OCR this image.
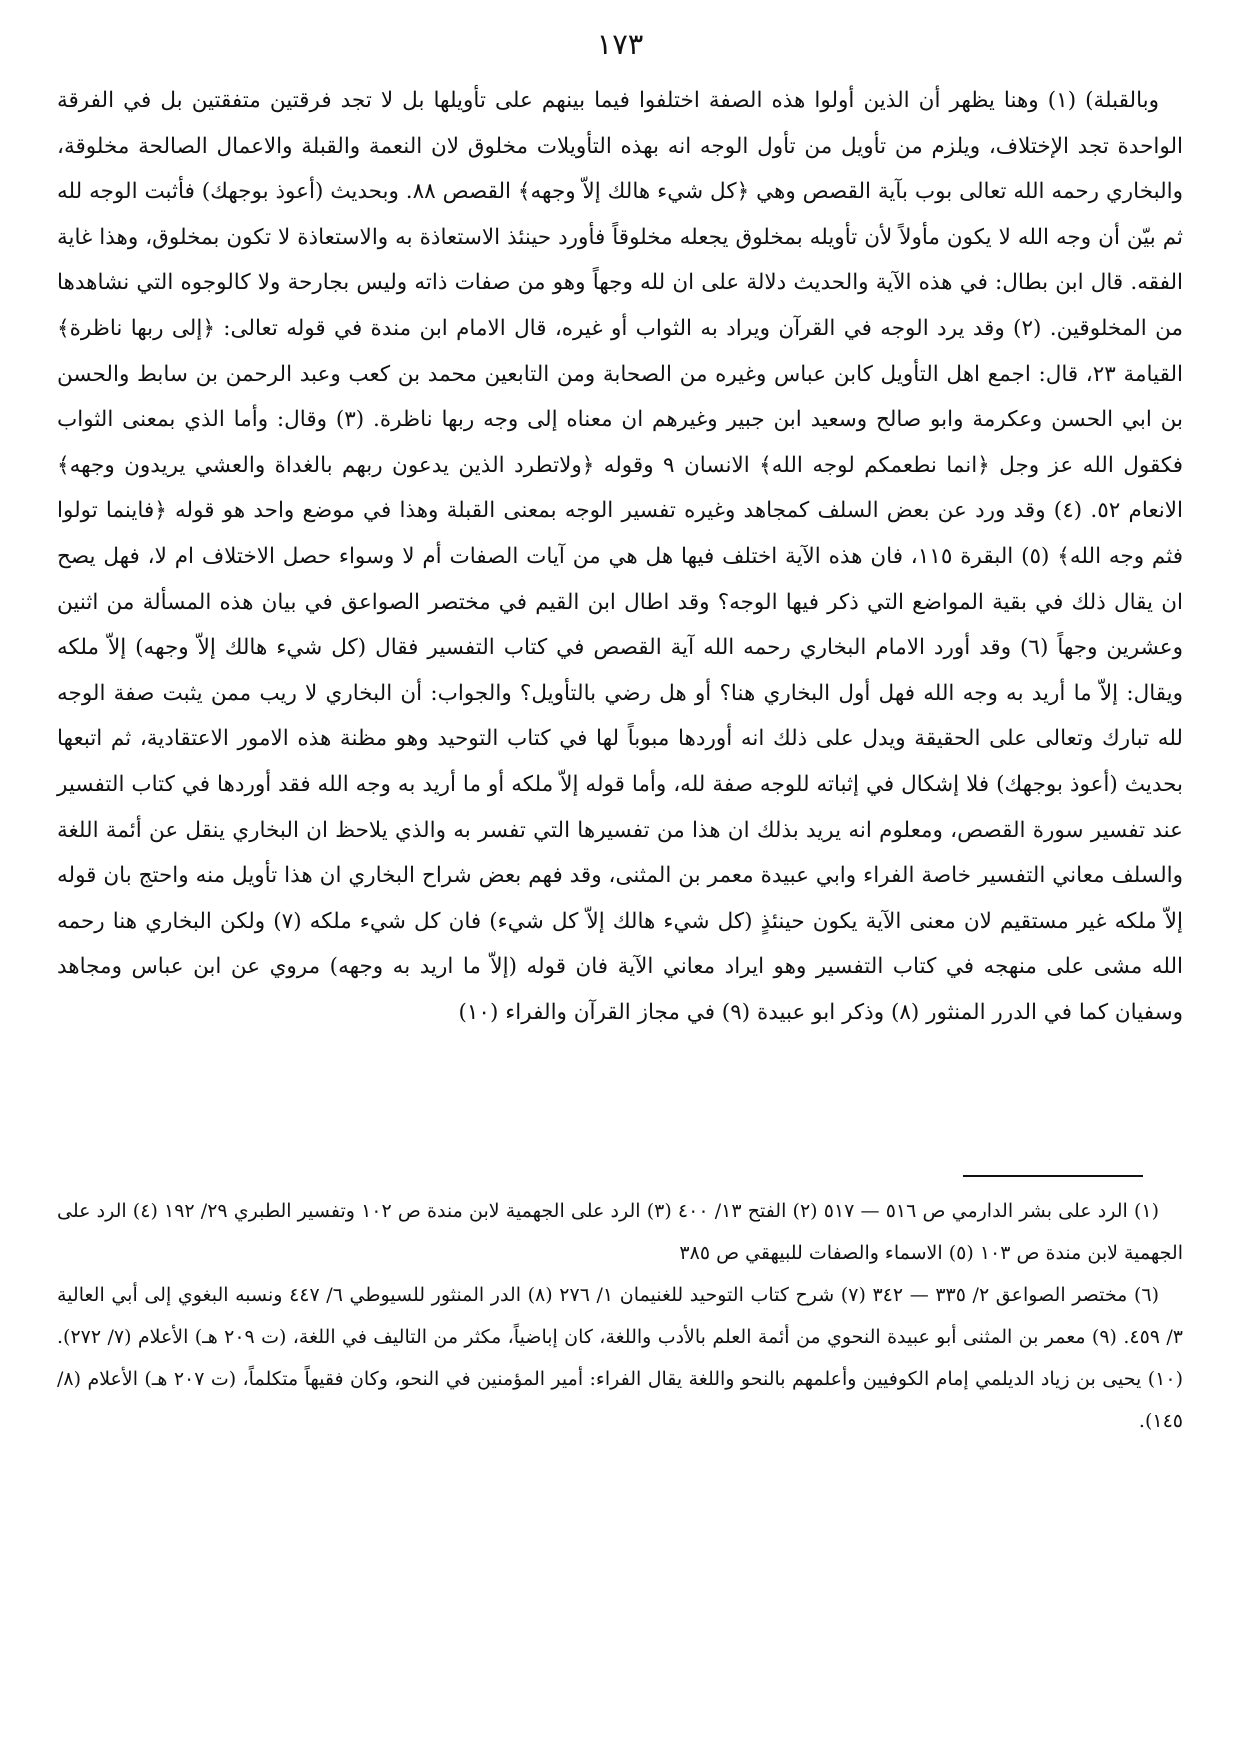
١٧٣

وبالقبلة) (١) وهنا يظهر أن الذين أولوا هذه الصفة اختلفوا فيما بينهم على تأويلها بل لا تجد فرقتين متفقتين بل في الفرقة الواحدة تجد الإختلاف، ويلزم من تأويل من تأول الوجه انه بهذه التأويلات مخلوق لان النعمة والقبلة والاعمال الصالحة مخلوقة، والبخاري رحمه الله تعالى بوب بآية القصص وهي ﴿كل شيء هالك إلاّ وجهه﴾ القصص ٨٨. وبحديث (أعوذ بوجهك) فأثبت الوجه لله ثم بيّن أن وجه الله لا يكون مأولاً لأن تأويله بمخلوق يجعله مخلوقاً فأورد حينئذ الاستعاذة به والاستعاذة لا تكون بمخلوق، وهذا غاية الفقه. قال ابن بطال: في هذه الآية والحديث دلالة على ان لله وجهاً وهو من صفات ذاته وليس بجارحة ولا كالوجوه التي نشاهدها من المخلوقين. (٢) وقد يرد الوجه في القرآن ويراد به الثواب أو غيره، قال الامام ابن مندة في قوله تعالى: ﴿إلى ربها ناظرة﴾ القيامة ٢٣، قال: اجمع اهل التأويل كابن عباس وغيره من الصحابة ومن التابعين محمد بن كعب وعبد الرحمن بن سابط والحسن بن ابي الحسن وعكرمة وابو صالح وسعيد ابن جبير وغيرهم ان معناه إلى وجه ربها ناظرة. (٣) وقال: وأما الذي بمعنى الثواب فكقول الله عز وجل ﴿انما نطعمكم لوجه الله﴾ الانسان ٩ وقوله ﴿ولاتطرد الذين يدعون ربهم بالغداة والعشي يريدون وجهه﴾ الانعام ٥٢. (٤) وقد ورد عن بعض السلف كمجاهد وغيره تفسير الوجه بمعنى القبلة وهذا في موضع واحد هو قوله ﴿فاينما تولوا فثم وجه الله﴾ (٥) البقرة ١١٥، فان هذه الآية اختلف فيها هل هي من آيات الصفات أم لا وسواء حصل الاختلاف ام لا، فهل يصح ان يقال ذلك في بقية المواضع التي ذكر فيها الوجه؟ وقد اطال ابن القيم في مختصر الصواعق في بيان هذه المسألة من اثنين وعشرين وجهاً (٦) وقد أورد الامام البخاري رحمه الله آية القصص في كتاب التفسير فقال (كل شيء هالك إلاّ وجهه) إلاّ ملكه ويقال: إلاّ ما أريد به وجه الله فهل أول البخاري هنا؟ أو هل رضي بالتأويل؟ والجواب: أن البخاري لا ريب ممن يثبت صفة الوجه لله تبارك وتعالى على الحقيقة ويدل على ذلك انه أوردها مبوباً لها في كتاب التوحيد وهو مظنة هذه الامور الاعتقادية، ثم اتبعها بحديث (أعوذ بوجهك) فلا إشكال في إثباته للوجه صفة لله، وأما قوله إلاّ ملكه أو ما أريد به وجه الله فقد أوردها في كتاب التفسير عند تفسير سورة القصص، ومعلوم انه يريد بذلك ان هذا من تفسيرها التي تفسر به والذي يلاحظ ان البخاري ينقل عن أئمة اللغة والسلف معاني التفسير خاصة الفراء وابي عبيدة معمر بن المثنى، وقد فهم بعض شراح البخاري ان هذا تأويل منه واحتج بان قوله إلاّ ملكه غير مستقيم لان معنى الآية يكون حينئذٍ (كل شيء هالك إلاّ كل شيء) فان كل شيء ملكه (٧) ولكن البخاري هنا رحمه الله مشى على منهجه في كتاب التفسير وهو ايراد معاني الآية فان قوله (إلاّ ما اريد به وجهه) مروي عن ابن عباس ومجاهد وسفيان كما في الدرر المنثور (٨) وذكر ابو عبيدة (٩) في مجاز القرآن والفراء (١٠)

(١) الرد على بشر الدارمي ص ٥١٦ — ٥١٧ (٢) الفتح ١٣/ ٤٠٠ (٣) الرد على الجهمية لابن مندة ص ١٠٢ وتفسير الطبري ٢٩/ ١٩٢ (٤) الرد على الجهمية لابن مندة ص ١٠٣ (٥) الاسماء والصفات للبيهقي ص ٣٨٥

(٦) مختصر الصواعق ٢/ ٣٣٥ — ٣٤٢ (٧) شرح كتاب التوحيد للغنيمان ١/ ٢٧٦ (٨) الدر المنثور للسيوطي ٦/ ٤٤٧ ونسبه البغوي إلى أبي العالية ٣/ ٤٥٩. (٩) معمر بن المثنى أبو عبيدة النحوي من أئمة العلم بالأدب واللغة، كان إباضياً، مكثر من التاليف في اللغة، (ت ٢٠٩ هـ) الأعلام (٧/ ٢٧٢). (١٠) يحيى بن زياد الديلمي إمام الكوفيين وأعلمهم بالنحو واللغة يقال الفراء: أمير المؤمنين في النحو، وكان فقيهاً متكلماً، (ت ٢٠٧ هـ) الأعلام (٨/ ١٤٥).
